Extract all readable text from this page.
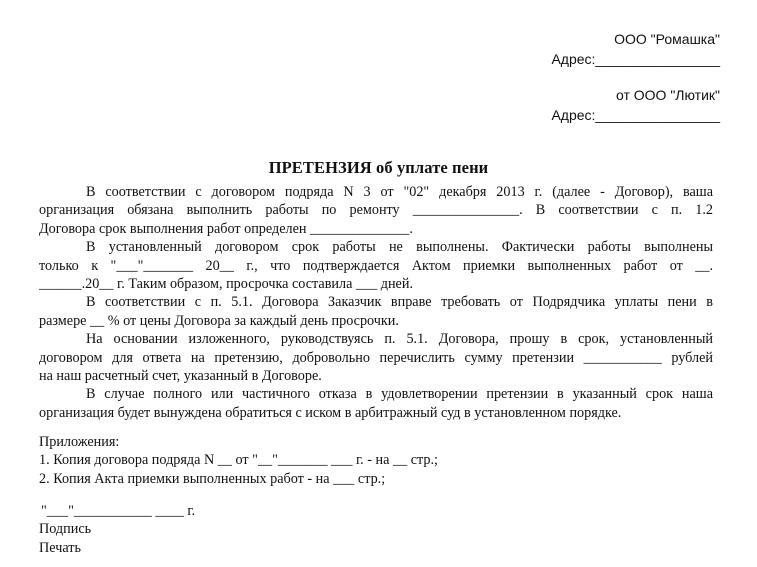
ООО "Ромашка"
Адрес:________________
от ООО "Лютик"
Адрес:________________
ПРЕТЕНЗИЯ об уплате пени
В соответствии с договором подряда N 3 от "02" декабря 2013 г. (далее - Договор), ваша
организация обязана выполнить работы по ремонту _______________. В соответствии с п. 1.2
Договора срок выполнения работ определен ______________.
В установленный договором срок работы не выполнены. Фактически работы выполнены
только к "___"_______ 20__ г., что подтверждается Актом приемки выполненных работ от __.
______.20__ г. Таким образом, просрочка составила ___ дней.
В соответствии с п. 5.1. Договора Заказчик вправе требовать от Подрядчика уплаты пени в
размере __ % от цены Договора за каждый день просрочки.
На основании изложенного, руководствуясь п. 5.1. Договора, прошу в срок, установленный
договором для ответа на претензию, добровольно перечислить сумму претензии ___________ рублей
на наш расчетный счет, указанный в Договоре.
В случае полного или частичного отказа в удовлетворении претензии в указанный срок наша
организация будет вынуждена обратиться с иском в арбитражный суд в установленном порядке.
Приложения:
1. Копия договора подряда N __ от "__"_______ ___ г. - на __ стр.;
2. Копия Акта приемки выполненных работ - на ___ стр.;
"___"___________ ____ г.
Подпись
Печать
